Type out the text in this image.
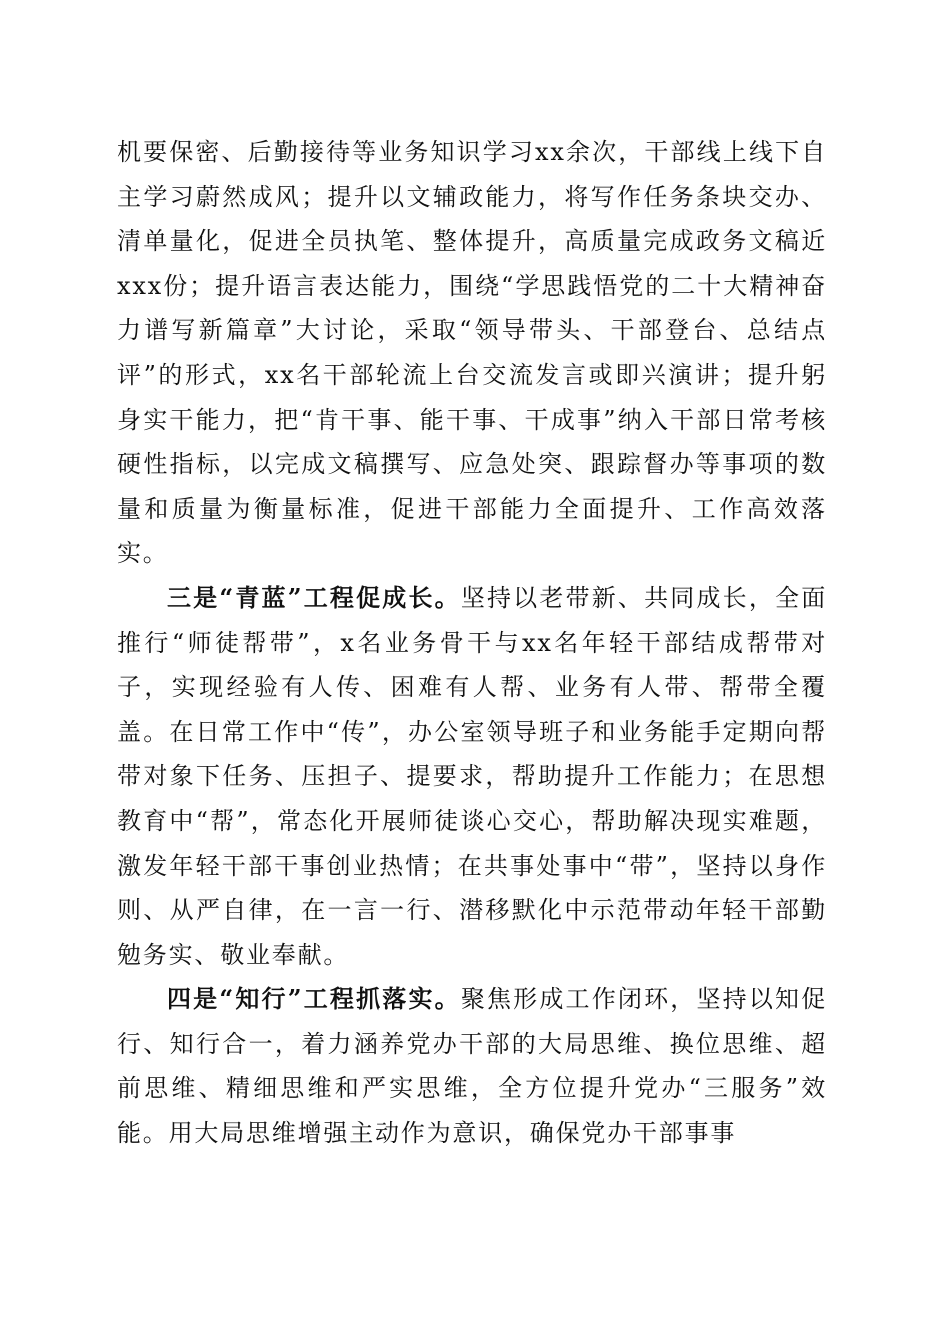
机要保密、后勤接待等业务知识学习xx余次，干部线上线下自主学习蔚然成风；提升以文辅政能力，将写作任务条块交办、清单量化，促进全员执笔、整体提升，高质量完成政务文稿近xxx份；提升语言表达能力，围绕“学思践悟党的二十大精神奋力谱写新篇章”大讨论，采取“领导带头、干部登台、总结点评”的形式，xx名干部轮流上台交流发言或即兴演讲；提升躬身实干能力，把“肯干事、能干事、干成事”纳入干部日常考核硬性指标，以完成文稿撰写、应急处突、跟踪督办等事项的数量和质量为衡量标准，促进干部能力全面提升、工作高效落实。

三是“青蓝”工程促成长。坚持以老带新、共同成长，全面推行“师徒帮带”，x名业务骨干与xx名年轻干部结成帮带对子，实现经验有人传、困难有人帮、业务有人带、帮带全覆盖。在日常工作中“传”，办公室领导班子和业务能手定期向帮带对象下任务、压担子、提要求，帮助提升工作能力；在思想教育中“帮”，常态化开展师徒谈心交心，帮助解决现实难题，激发年轻干部干事创业热情；在共事处事中“带”，坚持以身作则、从严自律，在一言一行、潜移默化中示范带动年轻干部勤勉务实、敬业奉献。

四是“知行”工程抓落实。聚焦形成工作闭环，坚持以知促行、知行合一，着力涵养党办干部的大局思维、换位思维、超前思维、精细思维和严实思维，全方位提升党办“三服务”效能。用大局思维增强主动作为意识，确保党办干部事事
